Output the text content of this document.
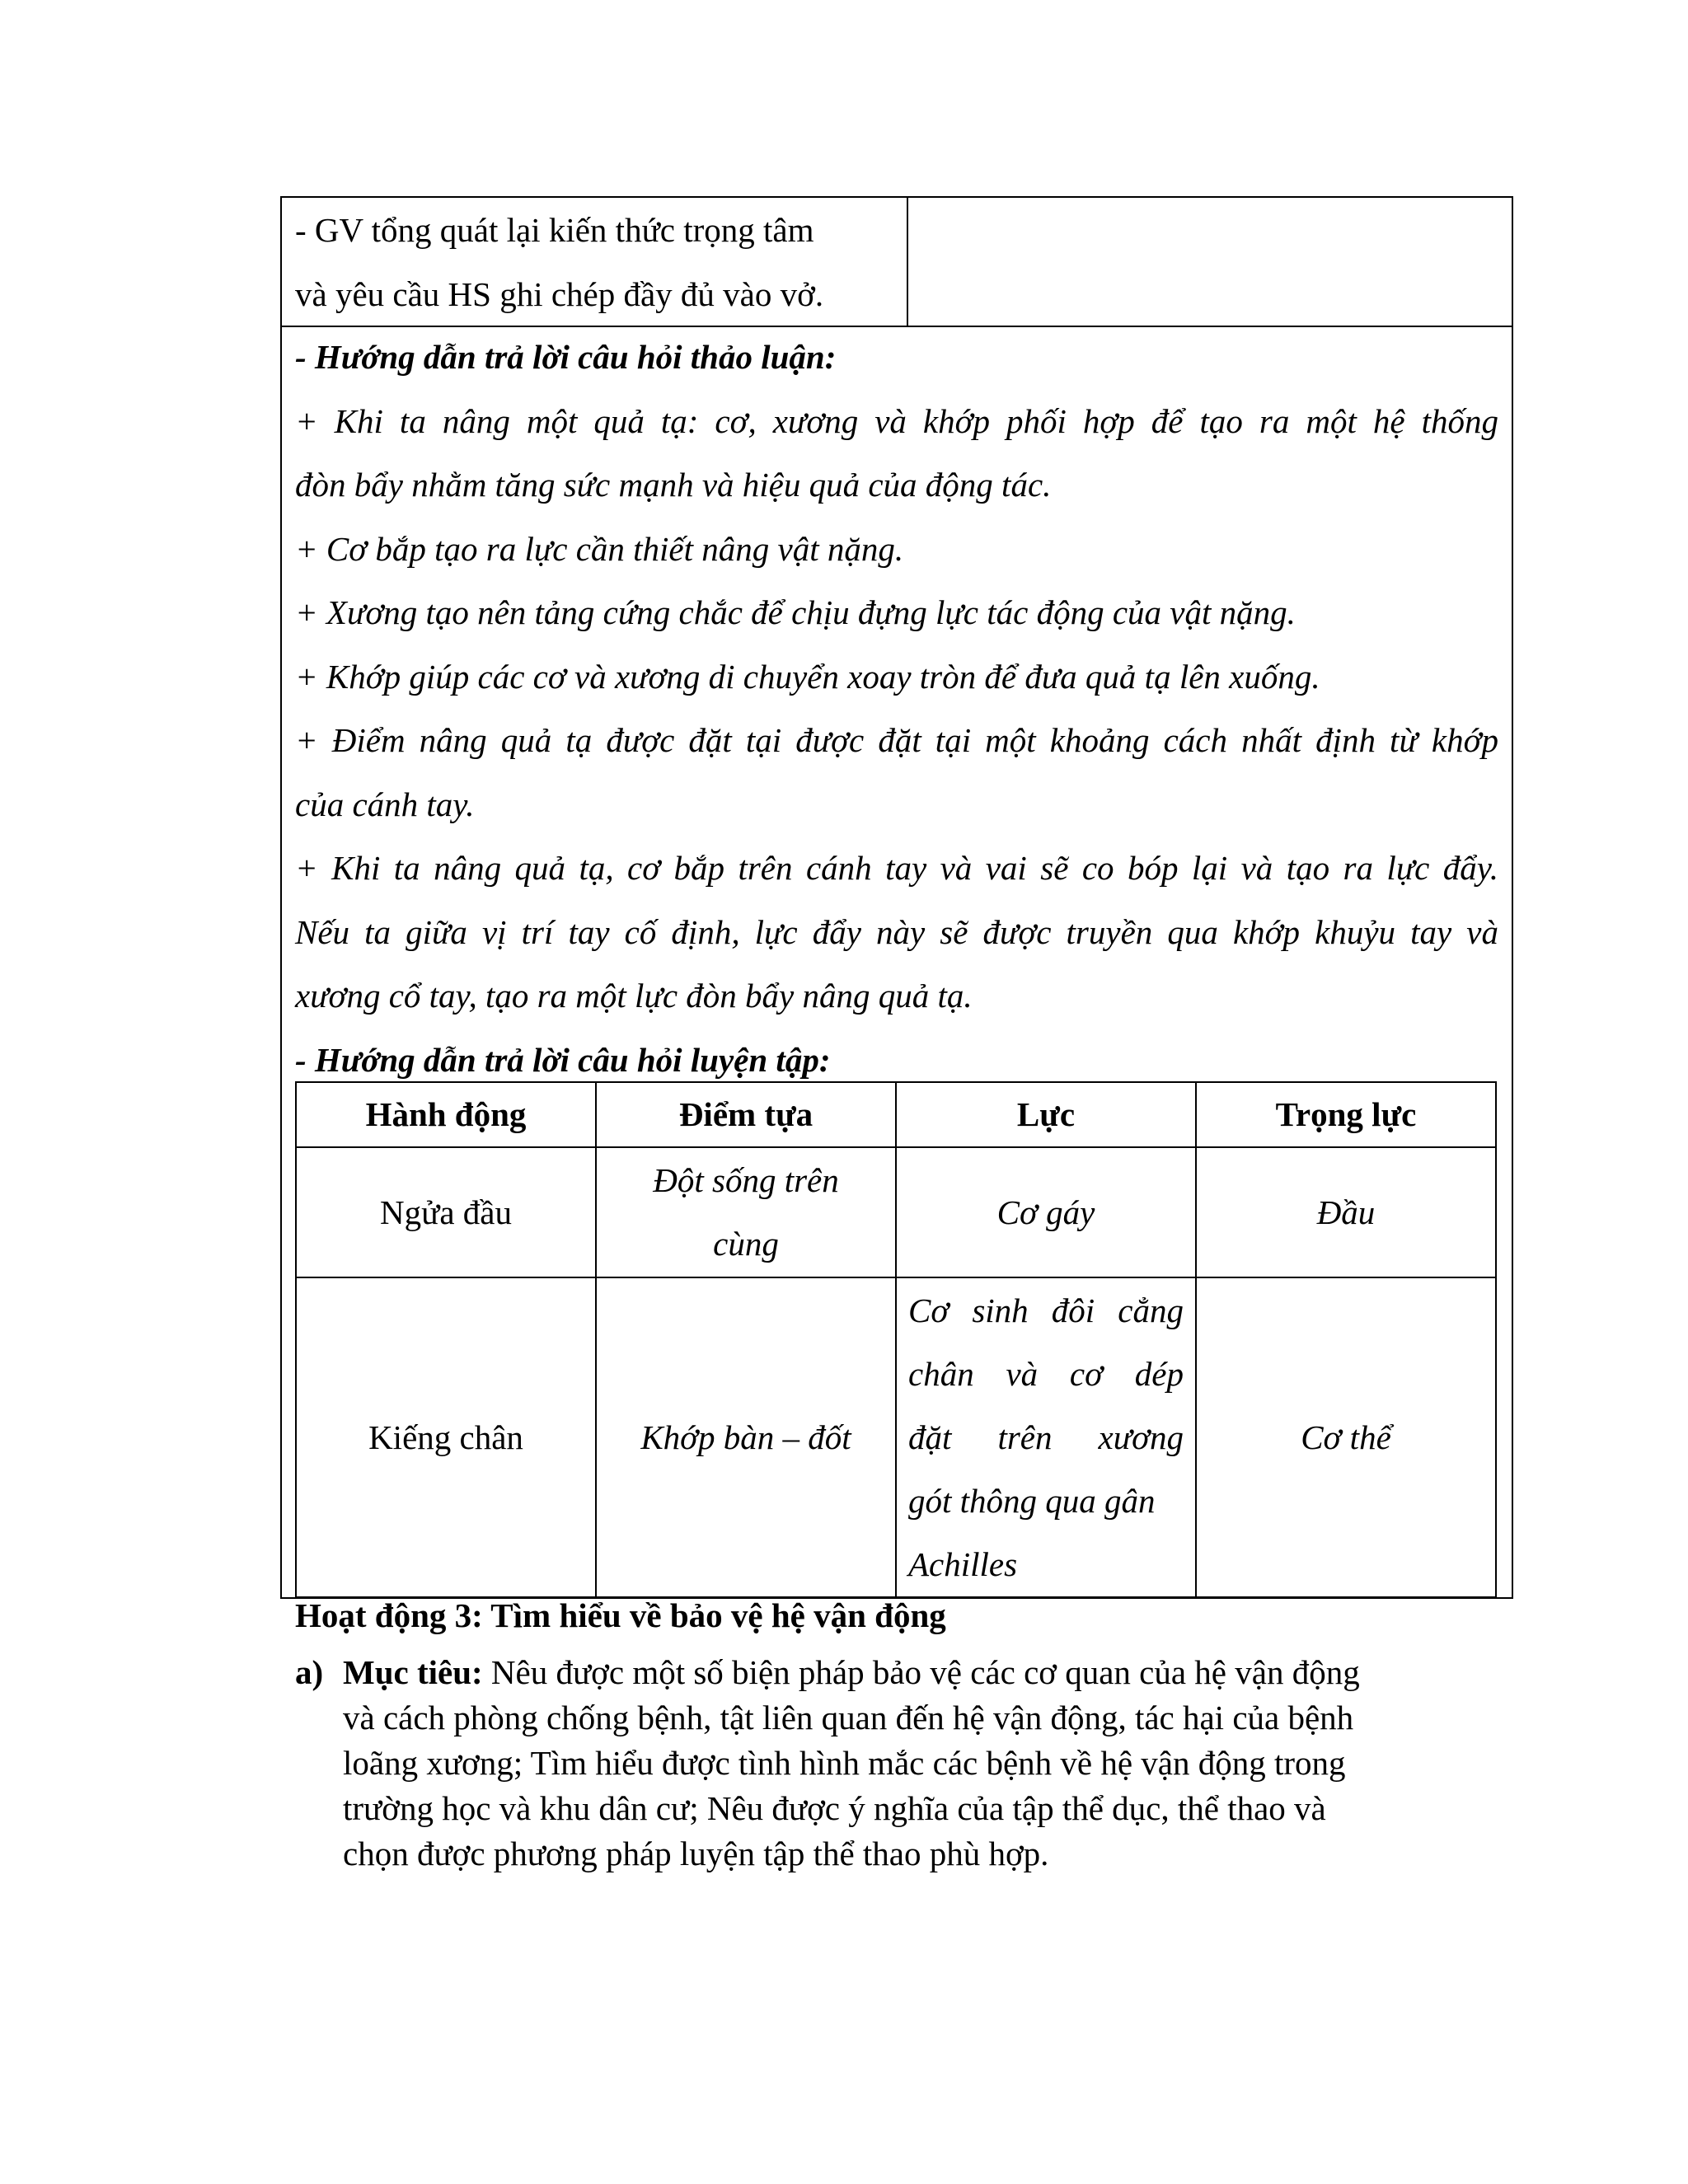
- GV tổng quát lại kiến thức trọng tâm
và yêu cầu HS ghi chép đầy đủ vào vở.
- Hướng dẫn trả lời câu hỏi thảo luận:
+ Khi ta nâng một quả tạ: cơ, xương và khớp phối hợp để tạo ra một hệ thống
đòn bẩy nhằm tăng sức mạnh và hiệu quả của động tác.
+ Cơ bắp tạo ra lực cần thiết nâng vật nặng.
+ Xương tạo nên tảng cứng chắc để chịu đựng lực tác động của vật nặng.
+ Khớp giúp các cơ và xương di chuyển xoay tròn để đưa quả tạ lên xuống.
+ Điểm nâng quả tạ được đặt tại được đặt tại một khoảng cách nhất định từ khớp
của cánh tay.
+ Khi ta nâng quả tạ, cơ bắp trên cánh tay và vai sẽ co bóp lại và tạo ra lực đẩy.
Nếu ta giữa vị trí tay cố định, lực đẩy này sẽ được truyền qua khớp khuỷu tay và
xương cổ tay, tạo ra một lực đòn bẩy nâng quả tạ.
- Hướng dẫn trả lời câu hỏi luyện tập:
Hành động	Điểm tựa	Lực	Trọng lực
Ngửa đầu	Đột sống trên
cùng	Cơ gáy	Đầu
Kiếng chân	Khớp bàn – đốt	Cơ sinh đôi cẳng
chân và cơ dép
đặt trên xương
gót thông qua gân
Achilles	Cơ thể
Hoạt động 3: Tìm hiểu về bảo vệ hệ vận động
a) Mục tiêu: Nêu được một số biện pháp bảo vệ các cơ quan của hệ vận động
và cách phòng chống bệnh, tật liên quan đến hệ vận động, tác hại của bệnh
loãng xương; Tìm hiểu được tình hình mắc các bệnh về hệ vận động trong
trường học và khu dân cư; Nêu được ý nghĩa của tập thể dục, thể thao và
chọn được phương pháp luyện tập thể thao phù hợp.
